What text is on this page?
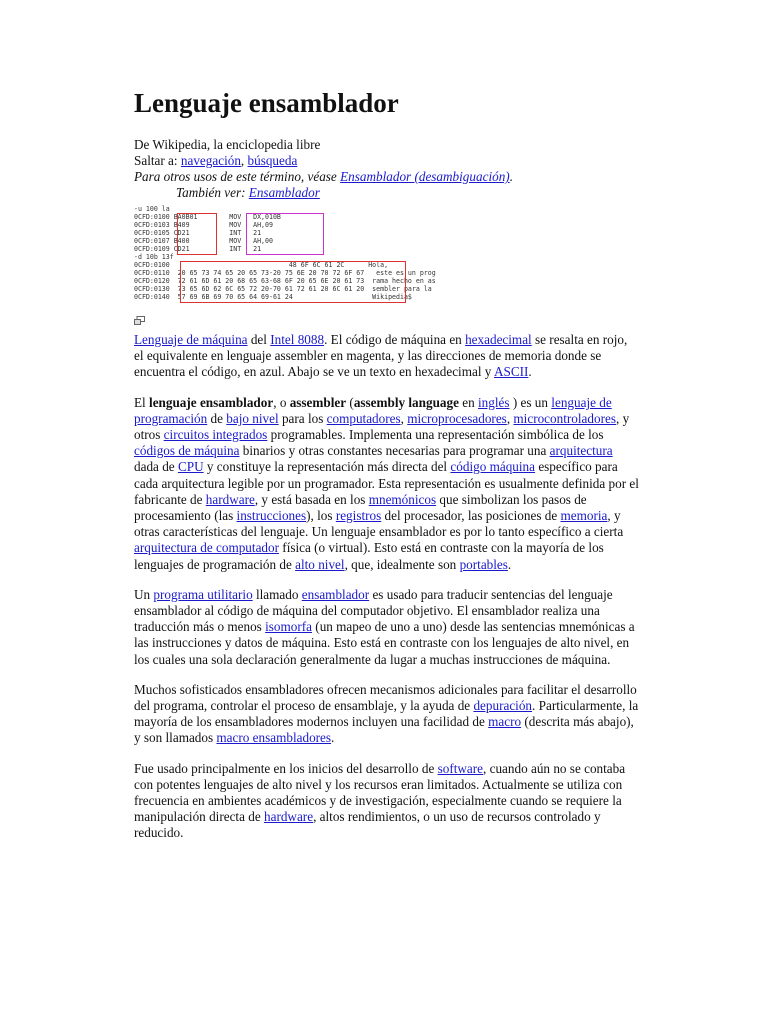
Lenguaje ensamblador
De Wikipedia, la enciclopedia libre
Saltar a: navegación, búsqueda
Para otros usos de este término, véase Ensamblador (desambiguación).
También ver: Ensamblador
-u 100 la
0CFD:0100 BA0B01        MOV   DX,010B
0CFD:0103 B409          MOV   AH,09
0CFD:0105 CD21          INT   21
0CFD:0107 B400          MOV   AH,00
0CFD:0109 CD21          INT   21
-d 10b 13f
0CFD:0100                              48 6F 6C 61 2C      Hola,
0CFD:0110  20 65 73 74 65 20 65 73-20 75 6E 20 70 72 6F 67   este es un prog
0CFD:0120  72 61 6D 61 20 68 65 63-68 6F 20 65 6E 20 61 73  rama hecho en as
0CFD:0130  73 65 6D 62 6C 65 72 20-70 61 72 61 20 6C 61 20  sembler para la
0CFD:0140  57 69 6B 69 70 65 64 69-61 24                    Wikipedia$

Lenguaje de máquina del Intel 8088. El código de máquina en hexadecimal se resalta en rojo, el equivalente en lenguaje assembler en magenta, y las direcciones de memoria donde se encuentra el código, en azul. Abajo se ve un texto en hexadecimal y ASCII.

El lenguaje ensamblador, o assembler (assembly language en inglés ) es un lenguaje de programación de bajo nivel para los computadores, microprocesadores, microcontroladores, y otros circuitos integrados programables. Implementa una representación simbólica de los códigos de máquina binarios y otras constantes necesarias para programar una arquitectura dada de CPU y constituye la representación más directa del código máquina específico para cada arquitectura legible por un programador. Esta representación es usualmente definida por el fabricante de hardware, y está basada en los mnemónicos que simbolizan los pasos de procesamiento (las instrucciones), los registros del procesador, las posiciones de memoria, y otras características del lenguaje. Un lenguaje ensamblador es por lo tanto específico a cierta arquitectura de computador física (o virtual). Esto está en contraste con la mayoría de los lenguajes de programación de alto nivel, que, idealmente son portables.

Un programa utilitario llamado ensamblador es usado para traducir sentencias del lenguaje ensamblador al código de máquina del computador objetivo. El ensamblador realiza una traducción más o menos isomorfa (un mapeo de uno a uno) desde las sentencias mnemónicas a las instrucciones y datos de máquina. Esto está en contraste con los lenguajes de alto nivel, en los cuales una sola declaración generalmente da lugar a muchas instrucciones de máquina.

Muchos sofisticados ensambladores ofrecen mecanismos adicionales para facilitar el desarrollo del programa, controlar el proceso de ensamblaje, y la ayuda de depuración. Particularmente, la mayoría de los ensambladores modernos incluyen una facilidad de macro (descrita más abajo), y son llamados macro ensambladores.

Fue usado principalmente en los inicios del desarrollo de software, cuando aún no se contaba con potentes lenguajes de alto nivel y los recursos eran limitados. Actualmente se utiliza con frecuencia en ambientes académicos y de investigación, especialmente cuando se requiere la manipulación directa de hardware, altos rendimientos, o un uso de recursos controlado y reducido.
